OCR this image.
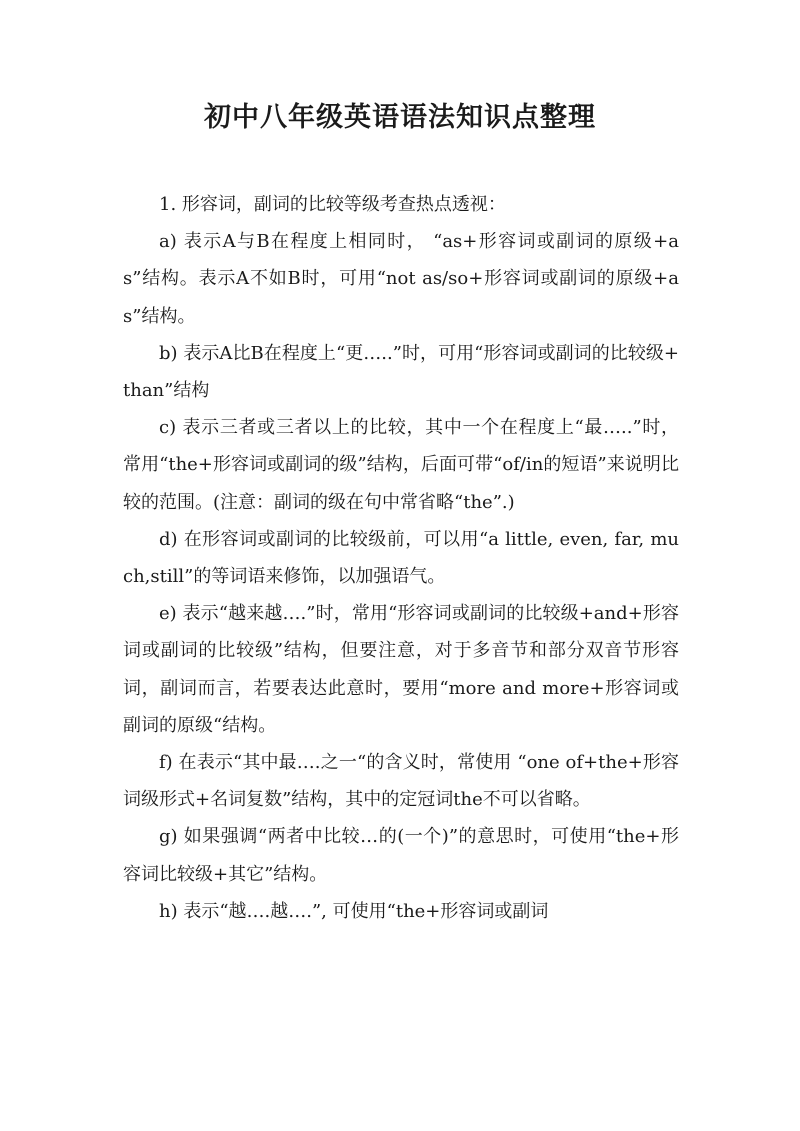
初中八年级英语语法知识点整理

1. 形容词，副词的比较等级考查热点透视：

a) 表示A与B在程度上相同时， “as+形容词或副词的原级+as”结构。表示A不如B时，可用“not as/so+形容词或副词的原级+as”结构。

b) 表示A比B在程度上“更…..”时，可用“形容词或副词的比较级+than”结构

c) 表示三者或三者以上的比较，其中一个在程度上“最…..”时，常用“the+形容词或副词的级”结构，后面可带“of/in的短语”来说明比较的范围。(注意：副词的级在句中常省略“the”.)

d) 在形容词或副词的比较级前，可以用“a little, even, far, much,still”的等词语来修饰，以加强语气。

e) 表示“越来越….”时，常用“形容词或副词的比较级+and+形容词或副词的比较级”结构，但要注意，对于多音节和部分双音节形容词，副词而言，若要表达此意时，要用“more and more+形容词或副词的原级“结构。

f) 在表示“其中最….之一“的含义时，常使用 “one of+the+形容词级形式+名词复数”结构，其中的定冠词the不可以省略。

g) 如果强调“两者中比较…的(一个)”的意思时，可使用“the+形容词比较级+其它”结构。

h) 表示“越….越….”, 可使用“the+形容词或副词
